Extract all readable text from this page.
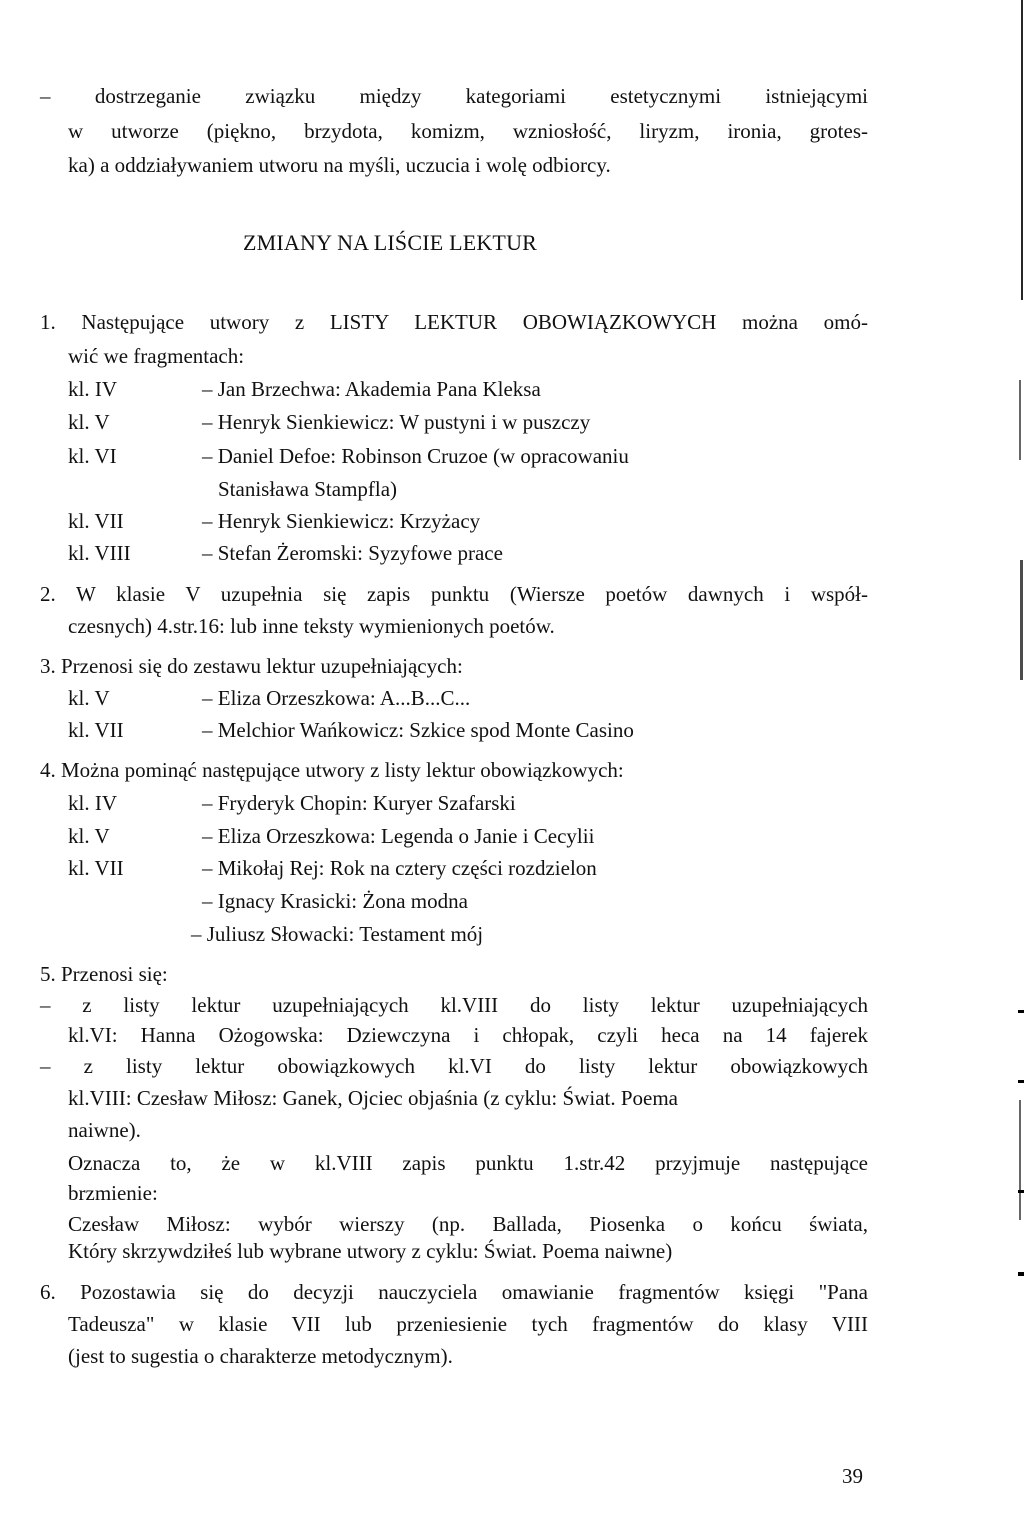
– dostrzeganie związku między kategoriami estetycznymi istniejącymi
w utworze (piękno, brzydota, komizm, wzniosłość, liryzm, ironia, grotes-
ka) a oddziaływaniem utworu na myśli, uczucia i wolę odbiorcy.
ZMIANY NA LIŚCIE LEKTUR
1. Następujące utwory z LISTY LEKTUR OBOWIĄZKOWYCH można omó-
wić we fragmentach:
kl. IV	– Jan Brzechwa: Akademia Pana Kleksa
kl. V	– Henryk Sienkiewicz: W pustyni i w puszczy
kl. VI	– Daniel Defoe: Robinson Cruzoe (w opracowaniu
Stanisława Stampfla)
kl. VII	– Henryk Sienkiewicz: Krzyżacy
kl. VIII	– Stefan Żeromski: Syzyfowe prace
2. W klasie V uzupełnia się zapis punktu (Wiersze poetów dawnych i współ-
czesnych) 4.str.16: lub inne teksty wymienionych poetów.
3. Przenosi się do zestawu lektur uzupełniających:
kl. V	– Eliza Orzeszkowa: A...B...C...
kl. VII	– Melchior Wańkowicz: Szkice spod Monte Casino
4. Można pominąć następujące utwory z listy lektur obowiązkowych:
kl. IV	– Fryderyk Chopin: Kuryer Szafarski
kl. V	– Eliza Orzeszkowa: Legenda o Janie i Cecylii
kl. VII	– Mikołaj Rej: Rok na cztery części rozdzielon
– Ignacy Krasicki: Żona modna
– Juliusz Słowacki: Testament mój
5. Przenosi się:
– z listy lektur uzupełniających kl.VIII do listy lektur uzupełniających
kl.VI: Hanna Ożogowska: Dziewczyna i chłopak, czyli heca na 14 fajerek
– z listy lektur obowiązkowych kl.VI do listy lektur obowiązkowych
kl.VIII: Czesław Miłosz: Ganek, Ojciec objaśnia (z cyklu: Świat. Poema
naiwne).
Oznacza to, że w kl.VIII zapis punktu 1.str.42 przyjmuje następujące
brzmienie:
Czesław Miłosz: wybór wierszy (np. Ballada, Piosenka o końcu świata,
Który skrzywdziłeś lub wybrane utwory z cyklu: Świat. Poema naiwne)
6. Pozostawia się do decyzji nauczyciela omawianie fragmentów księgi "Pana
Tadeusza" w klasie VII lub przeniesienie tych fragmentów do klasy VIII
(jest to sugestia o charakterze metodycznym).
39
